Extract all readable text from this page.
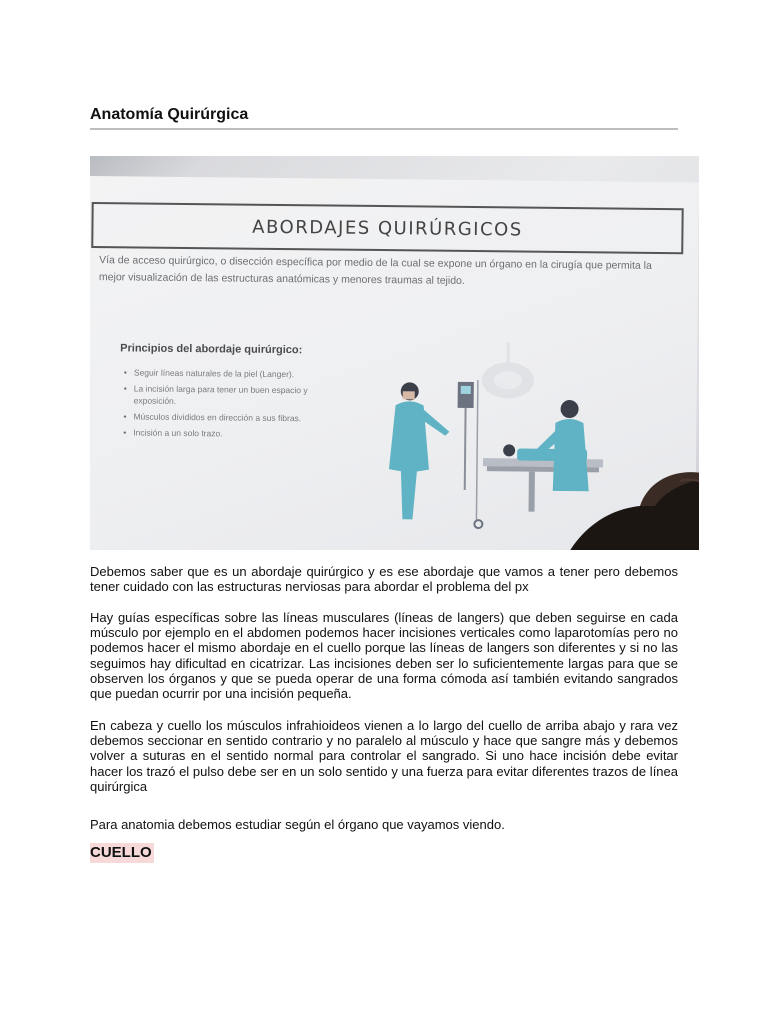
Anatomía Quirúrgica
ABORDAJES QUIRÚRGICOS
Vía de acceso quirúrgico, o disección específica por medio de la cual se expone un órgano en la cirugía que permita la mejor visualización de las estructuras anatómicas y menores traumas al tejido.
Principios del abordaje quirúrgico:
• Seguir líneas naturales de la piel (Langer).
• La incisión larga para tener un buen espacio y exposición.
• Músculos divididos en dirección a sus fibras.
• Incisión a un solo trazo.

Debemos saber que es un abordaje quirúrgico y es ese abordaje que vamos a tener pero debemos tener cuidado con las estructuras nerviosas para abordar el problema del px

Hay guías específicas sobre las líneas musculares (líneas de langers) que deben seguirse en cada músculo por ejemplo en el abdomen podemos hacer incisiones verticales como laparotomías pero no podemos hacer el mismo abordaje en el cuello porque las líneas de langers son diferentes y si no las seguimos hay dificultad en cicatrizar. Las incisiones deben ser lo suficientemente largas para que se observen los órganos y que se pueda operar de una forma cómoda así también evitando sangrados que puedan ocurrir por una incisión pequeña.

En cabeza y cuello los músculos infrahioideos vienen a lo largo del cuello de arriba abajo y rara vez debemos seccionar en sentido contrario y no paralelo al músculo y hace que sangre más y debemos volver a suturas en el sentido normal para controlar el sangrado. Si uno hace incisión debe evitar hacer los trazó el pulso debe ser en un solo sentido y una fuerza para evitar diferentes trazos de línea quirúrgica

Para anatomia debemos estudiar según el órgano que vayamos viendo.

CUELLO
